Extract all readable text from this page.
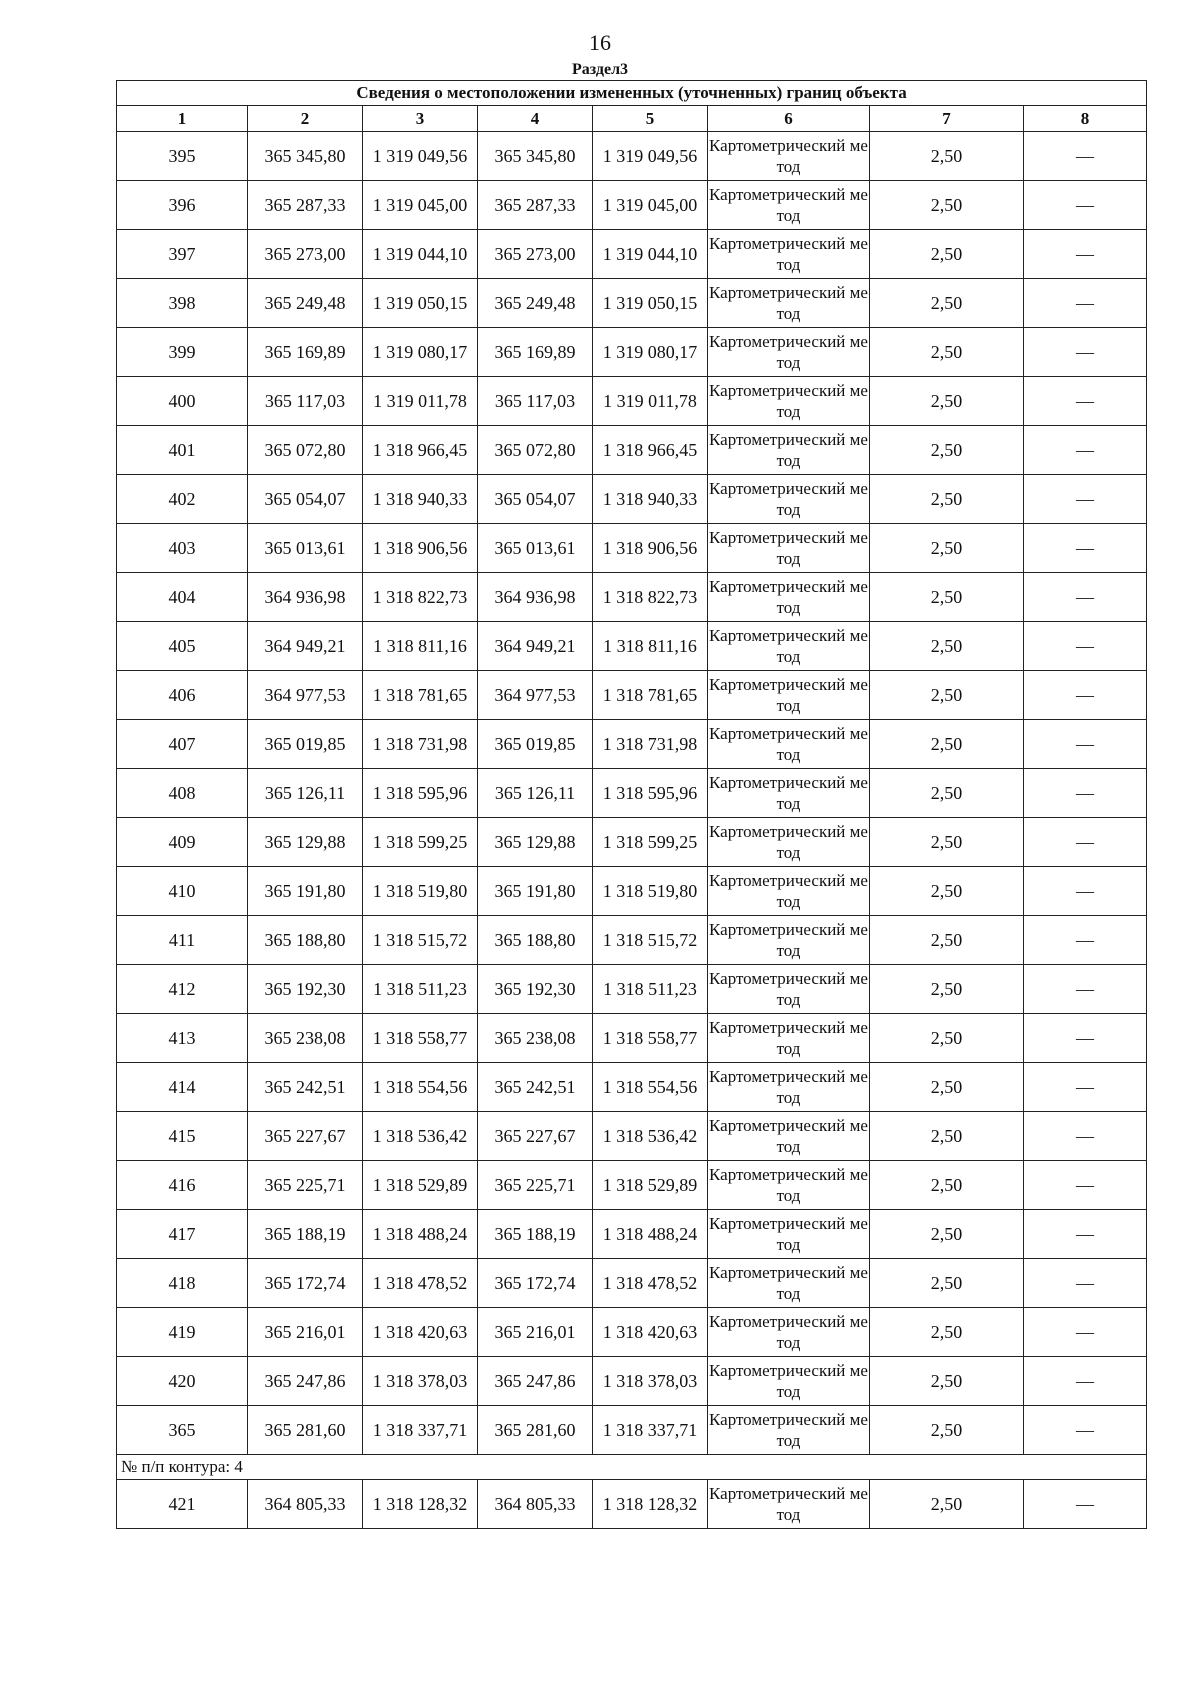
16
Раздел3
Сведения о местоположении измененных (уточненных) границ объекта							
1	2	3	4	5	6	7	8
395	365 345,80	1 319 049,56	365 345,80	1 319 049,56	Картометрический метод	2,50	—
396	365 287,33	1 319 045,00	365 287,33	1 319 045,00	Картометрический метод	2,50	—
397	365 273,00	1 319 044,10	365 273,00	1 319 044,10	Картометрический метод	2,50	—
398	365 249,48	1 319 050,15	365 249,48	1 319 050,15	Картометрический метод	2,50	—
399	365 169,89	1 319 080,17	365 169,89	1 319 080,17	Картометрический метод	2,50	—
400	365 117,03	1 319 011,78	365 117,03	1 319 011,78	Картометрический метод	2,50	—
401	365 072,80	1 318 966,45	365 072,80	1 318 966,45	Картометрический метод	2,50	—
402	365 054,07	1 318 940,33	365 054,07	1 318 940,33	Картометрический метод	2,50	—
403	365 013,61	1 318 906,56	365 013,61	1 318 906,56	Картометрический метод	2,50	—
404	364 936,98	1 318 822,73	364 936,98	1 318 822,73	Картометрический метод	2,50	—
405	364 949,21	1 318 811,16	364 949,21	1 318 811,16	Картометрический метод	2,50	—
406	364 977,53	1 318 781,65	364 977,53	1 318 781,65	Картометрический метод	2,50	—
407	365 019,85	1 318 731,98	365 019,85	1 318 731,98	Картометрический метод	2,50	—
408	365 126,11	1 318 595,96	365 126,11	1 318 595,96	Картометрический метод	2,50	—
409	365 129,88	1 318 599,25	365 129,88	1 318 599,25	Картометрический метод	2,50	—
410	365 191,80	1 318 519,80	365 191,80	1 318 519,80	Картометрический метод	2,50	—
411	365 188,80	1 318 515,72	365 188,80	1 318 515,72	Картометрический метод	2,50	—
412	365 192,30	1 318 511,23	365 192,30	1 318 511,23	Картометрический метод	2,50	—
413	365 238,08	1 318 558,77	365 238,08	1 318 558,77	Картометрический метод	2,50	—
414	365 242,51	1 318 554,56	365 242,51	1 318 554,56	Картометрический метод	2,50	—
415	365 227,67	1 318 536,42	365 227,67	1 318 536,42	Картометрический метод	2,50	—
416	365 225,71	1 318 529,89	365 225,71	1 318 529,89	Картометрический метод	2,50	—
417	365 188,19	1 318 488,24	365 188,19	1 318 488,24	Картометрический метод	2,50	—
418	365 172,74	1 318 478,52	365 172,74	1 318 478,52	Картометрический метод	2,50	—
419	365 216,01	1 318 420,63	365 216,01	1 318 420,63	Картометрический метод	2,50	—
420	365 247,86	1 318 378,03	365 247,86	1 318 378,03	Картометрический метод	2,50	—
365	365 281,60	1 318 337,71	365 281,60	1 318 337,71	Картометрический метод	2,50	—
№ п/п контура: 4							
421	364 805,33	1 318 128,32	364 805,33	1 318 128,32	Картометрический метод	2,50	—
